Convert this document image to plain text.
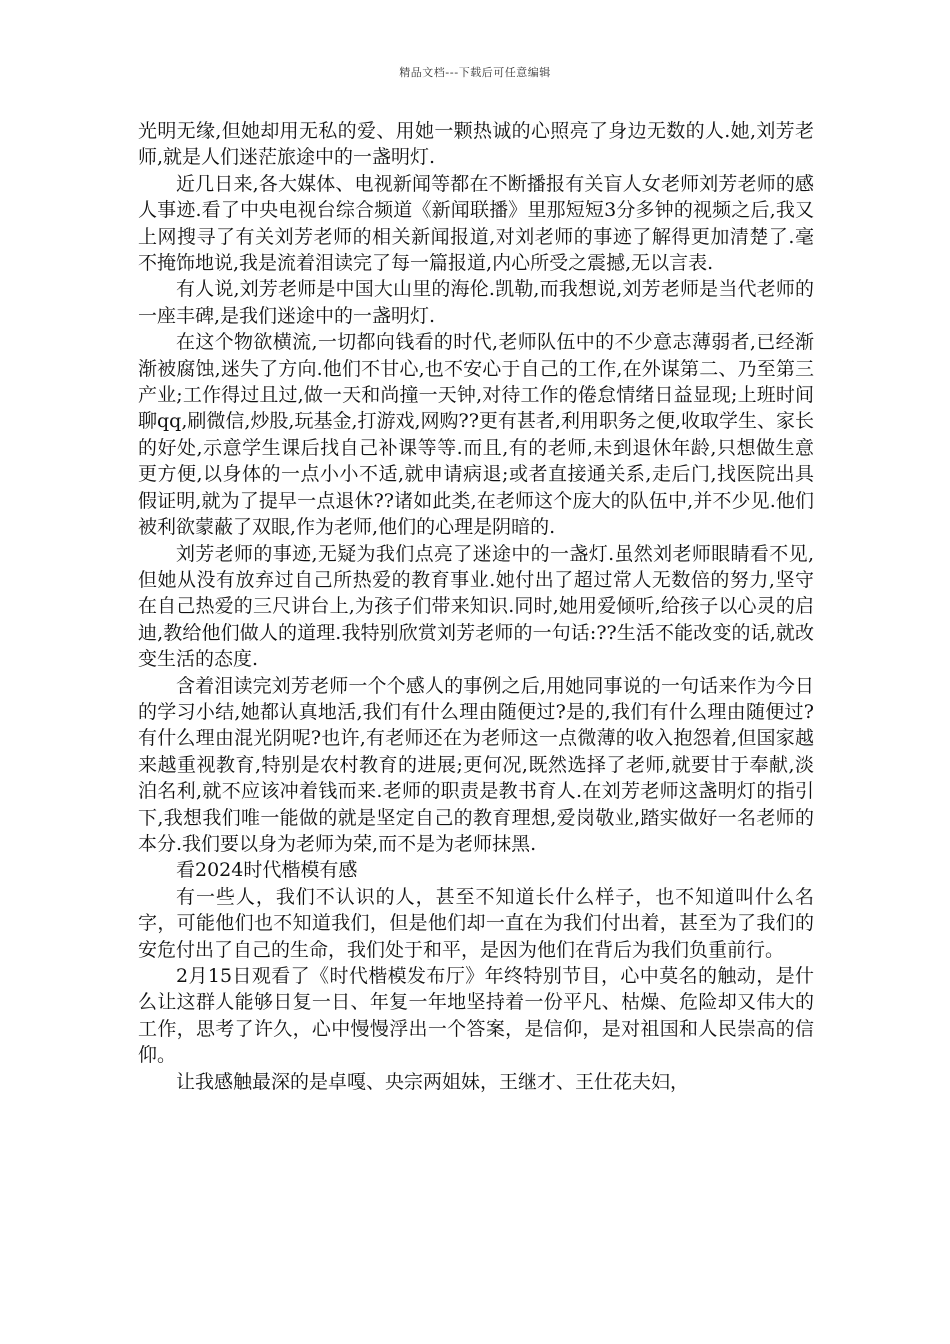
精品文档---下载后可任意编辑

光明无缘,但她却用无私的爱、用她一颗热诚的心照亮了身边无数的人.她,刘芳老师,就是人们迷茫旅途中的一盏明灯.

近几日来,各大媒体、电视新闻等都在不断播报有关盲人女老师刘芳老师的感人事迹.看了中央电视台综合频道《新闻联播》里那短短3分多钟的视频之后,我又上网搜寻了有关刘芳老师的相关新闻报道,对刘老师的事迹了解得更加清楚了.毫不掩饰地说,我是流着泪读完了每一篇报道,内心所受之震撼,无以言表.

有人说,刘芳老师是中国大山里的海伦.凯勒,而我想说,刘芳老师是当代老师的一座丰碑,是我们迷途中的一盏明灯.

在这个物欲横流,一切都向钱看的时代,老师队伍中的不少意志薄弱者,已经渐渐被腐蚀,迷失了方向.他们不甘心,也不安心于自己的工作,在外谋第二、乃至第三产业;工作得过且过,做一天和尚撞一天钟,对待工作的倦怠情绪日益显现;上班时间聊qq,刷微信,炒股,玩基金,打游戏,网购??更有甚者,利用职务之便,收取学生、家长的好处,示意学生课后找自己补课等等.而且,有的老师,未到退休年龄,只想做生意更方便,以身体的一点小小不适,就申请病退;或者直接通关系,走后门,找医院出具假证明,就为了提早一点退休??诸如此类,在老师这个庞大的队伍中,并不少见.他们被利欲蒙蔽了双眼,作为老师,他们的心理是阴暗的.

刘芳老师的事迹,无疑为我们点亮了迷途中的一盏灯.虽然刘老师眼睛看不见,但她从没有放弃过自己所热爱的教育事业.她付出了超过常人无数倍的努力,坚守在自己热爱的三尺讲台上,为孩子们带来知识.同时,她用爱倾听,给孩子以心灵的启迪,教给他们做人的道理.我特别欣赏刘芳老师的一句话:??生活不能改变的话,就改变生活的态度.

含着泪读完刘芳老师一个个感人的事例之后,用她同事说的一句话来作为今日的学习小结,她都认真地活,我们有什么理由随便过?是的,我们有什么理由随便过?有什么理由混光阴呢?也许,有老师还在为老师这一点微薄的收入抱怨着,但国家越来越重视教育,特别是农村教育的进展;更何况,既然选择了老师,就要甘于奉献,淡泊名利,就不应该冲着钱而来.老师的职责是教书育人.在刘芳老师这盏明灯的指引下,我想我们唯一能做的就是坚定自己的教育理想,爱岗敬业,踏实做好一名老师的本分.我们要以身为老师为荣,而不是为老师抹黑.

看2024时代楷模有感

有一些人，我们不认识的人，甚至不知道长什么样子，也不知道叫什么名字，可能他们也不知道我们，但是他们却一直在为我们付出着，甚至为了我们的安危付出了自己的生命，我们处于和平，是因为他们在背后为我们负重前行。

2月15日观看了《时代楷模发布厅》年终特别节目，心中莫名的触动，是什么让这群人能够日复一日、年复一年地坚持着一份平凡、枯燥、危险却又伟大的工作，思考了许久，心中慢慢浮出一个答案，是信仰，是对祖国和人民崇高的信仰。

让我感触最深的是卓嘎、央宗两姐妹，王继才、王仕花夫妇，
